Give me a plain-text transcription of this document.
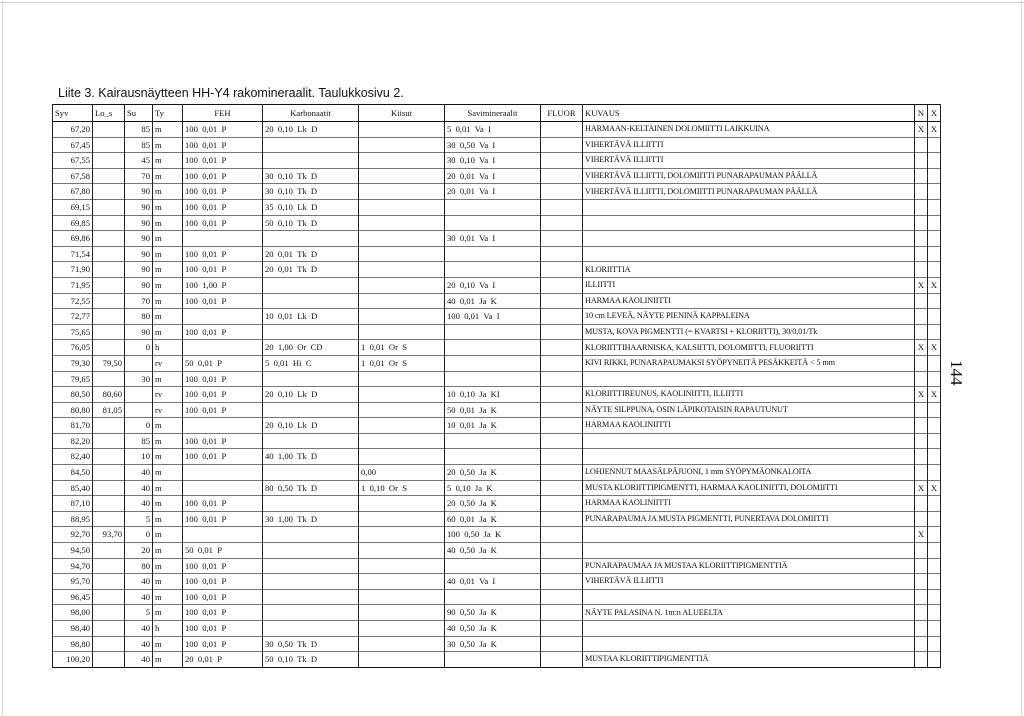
Liite 3. Kairausnäytteen HH-Y4 rakomineraalit. Taulukkosivu 2.
144
Syv	Lo_s	Su	Ty	FEH	Karbonaatit	Kiisut	Savimineraalit	FLUOR	KUVAUS	N	X
67,20		85	m	100  0,01  P	20  0,10  Lk  D		5  0,01  Va  I		HARMAAN-KELTAINEN DOLOMIITTI LAIKKUINA	X	X
67,45		85	m	100  0,01  P			30  0,50  Va  I		VIHERTÄVÄ ILLIITTI		
67,55		45	m	100  0,01  P			30  0,10  Va  I		VIHERTÄVÄ ILLIITTI		
67,58		70	m	100  0,01  P	30  0,10  Tk  D		20  0,01  Va  I		VIHERTÄVÄ ILLIITTI, DOLOMIITTI PUNARAPAUMAN PÄÄLLÄ		
67,80		90	m	100  0,01  P	30  0,10  Tk  D		20  0,01  Va  I		VIHERTÄVÄ ILLIITTI, DOLOMIITTI PUNARAPAUMAN PÄÄLLÄ		
69,15		90	m	100  0,01  P	35  0,10  Lk  D						
69,85		90	m	100  0,01  P	50  0,10  Tk  D						
69,86		90	m				30  0,01  Va  I				
71,54		90	m	100  0,01  P	20  0,01  Tk  D						
71,90		90	m	100  0,01  P	20  0,01  Tk  D				KLORIITTIA		
71,95		90	m	100  1,00  P			20  0,10  Va  I		ILLIITTI	X	X
72,55		70	m	100  0,01  P			40  0,01  Ja  K		HARMAA KAOLINIITTI		
72,77		80	m		10  0,01  Lk  D		100  0,01  Va  I		10 cm LEVEÄ, NÄYTE PIENINÄ KAPPALEINA		
75,65		90	m	100  0,01  P					MUSTA, KOVA PIGMENTTI (= KVARTSI + KLORIITTI), 30/0,01/Tk		
76,05		0	h		20  1,00  Or  CD	1  0,01  Or  S			KLORIITTIHAARNISKA, KALSIITTI, DOLOMIITTI, FLUORIITTI	X	X
79,30	79,50		rv	50  0,01  P	5  0,01  Hi  C	1  0,01  Or  S			KIVI RIKKI, PUNARAPAUMAKSI SYÖPYNEITÄ PESÄKKEITÄ < 5 mm		
79,65		30	m	100  0,01  P							
80,50	80,60		rv	100  0,01  P	20  0,10  Lk  D		10  0,10  Ja  KI		KLORIITTIREUNUS, KAOLINIITTI, ILLIITTI	X	X
80,80	81,05		rv	100  0,01  P			50  0,01  Ja  K		NÄYTE SILPPUNA, OSIN LÄPIKOTAISIN RAPAUTUNUT		
81,70		0	m		20  0,10  Lk  D		10  0,01  Ja  K		HARMAA KAOLINIITTI		
82,20		85	m	100  0,01  P							
82,40		10	m	100  0,01  P	40  1,00  Tk  D						
84,50		40	m			0,00	20  0,50  Ja  K		LOHJENNUT MAASÄLPÄJUONI, 1 mm SYÖPYMÄONKALOITA		
85,40		40	m		80  0,50  Tk  D	1  0,10  Or  S	5  0,10  Ja  K		MUSTA KLORIITTIPIGMENTTI, HARMAA KAOLINIITTI, DOLOMIITTI	X	X
87,10		40	m	100  0,01  P			20  0,50  Ja  K		HARMAA KAOLINIITTI		
88,95		5	m	100  0,01  P	30  1,00  Tk  D		60  0,01  Ja  K		PUNARAPAUMA JA MUSTA PIGMENTTI, PUNERTAVA DOLOMIITTI		
92,70	93,70	0	m				100  0,50  Ja  K			X	
94,50		20	m	50  0,01  P			40  0,50  Ja  K				
94,70		80	m	100  0,01  P					PUNARAPAUMAA JA MUSTAA KLORIITTIPIGMENTTIÄ		
95,70		40	m	100  0,01  P			40  0,01  Va  I		VIHERTÄVÄ ILLIITTI		
96,45		40	m	100  0,01  P							
98,00		5	m	100  0,01  P			90  0,50  Ja  K		NÄYTE PALASINA N. 1m:n ALUEELTA		
98,40		40	h	100  0,01  P			40  0,50  Ja  K				
98,80		40	m	100  0,01  P	30  0,50  Tk  D		30  0,50  Ja  K				
100,20		40	m	20  0,01  P	50  0,10  Tk  D				MUSTAA KLORIITTIPIGMENTTIÄ		
